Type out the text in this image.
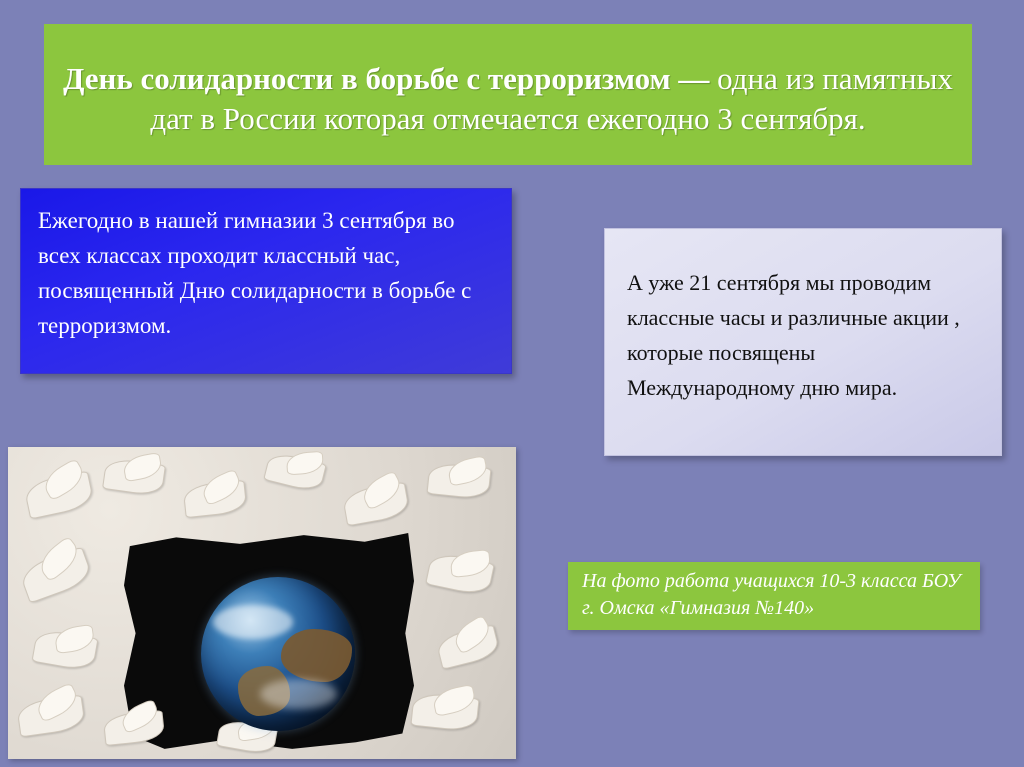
День солидарности в борьбе с терроризмом — одна из памятных дат в России которая отмечается ежегодно 3 сентября.

Ежегодно в нашей гимназии 3 сентября во всех классах проходит классный час, посвященный Дню солидарности в борьбе с терроризмом.

А уже 21 сентября мы проводим классные часы и различные акции , которые посвящены Международному дню мира.

На фото работа учащихся 10-3 класса БОУ г. Омска «Гимназия №140»
